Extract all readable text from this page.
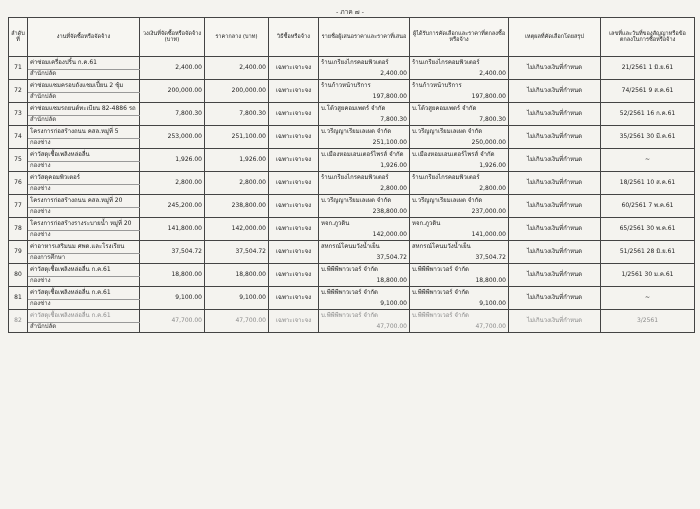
- ภาค ๗ -
ลำดับที่	งานที่จัดซื้อหรือจัดจ้าง	วงเงินที่จัดซื้อหรือจัดจ้าง (บาท)	ราคากลาง (บาท)	วิธีซื้อหรือจ้าง	รายชื่อผู้เสนอราคาและราคาที่เสนอ	ผู้ได้รับการคัดเลือกและราคาที่ตกลงซื้อหรือจ้าง	เหตุผลที่คัดเลือกโดยสรุป	เลขที่และวันที่ของสัญญาหรือข้อตกลงในการซื้อหรือจ้าง
71	ค่าซ่อมเครื่องปริ้น ก.ค.61	2,400.00	2,400.00	เฉพาะเจาะจง	ร้านเกรียงไกรคอมพิวเตอร์	ร้านเกรียงไกรคอมพิวเตอร์	ไม่เกินวงเงินที่กำหนด	21/2561 1 มิ.ย.61
	สำนักปลัด				2,400.00	2,400.00		
72	ค่าซ่อมแซมครอบถังแชมเปี้ยน 2 ชุ้ม	200,000.00	200,000.00	เฉพาะเจาะจง	ร้านก้าวหน้าบริการ	ร้านก้าวหน้าบริการ	ไม่เกินวงเงินที่กำหนด	74/2561 9 ส.ค.61
	สำนักปลัด				197,800.00	197,800.00		
73	ค่าซ่อมแซมรถยนต์ทะเบียน 82-4886 รถ	7,800.30	7,800.30	เฉพาะเจาะจง	บ.โต้วสูยคอมเพตร์ จำกัด	บ.โต้วสูยคอมเพตร์ จำกัด	ไม่เกินวงเงินที่กำหนด	52/2561 16 ก.ค.61
	สำนักปลัด				7,800.30	7,800.30		
74	โครงการก่อสร้างถนน คสล.หมู่ที่ 5	253,000.00	251,100.00	เฉพาะเจาะจง	บ.วรีญญาเรียมเลเผต จำกัด	บ.วรีญญาเรียมเลเผต จำกัด	ไม่เกินวงเงินที่กำหนด	35/2561 30 มี.ค.61
	กองช่าง				251,100.00	250,000.00		
75	ค่าวัสดุเชื้อเพลิงหล่อลื่น	1,926.00	1,926.00	เฉพาะเจาะจง	บ.เมืองหอมเอนเตอร์ไพรส์ จำกัด	บ.เมืองหอมเอนเตอร์ไพรส์ จำกัด	ไม่เกินวงเงินที่กำหนด	~
	กองช่าง				1,926.00	1,926.00		
76	ค่าวัสดุคอมพิวเตอร์	2,800.00	2,800.00	เฉพาะเจาะจง	ร้านเกรียงไกรคอมพิวเตอร์	ร้านเกรียงไกรคอมพิวเตอร์	ไม่เกินวงเงินที่กำหนด	18/2561 10 ส.ค.61
	กองช่าง				2,800.00	2,800.00		
77	โครงการก่อสร้างถนน คสล.หมู่ที่ 20	245,200.00	238,800.00	เฉพาะเจาะจง	บ.วรีญญาเรียมเลเผต จำกัด	บ.วรีญญาเรียมเลเผต จำกัด	ไม่เกินวงเงินที่กำหนด	60/2561 7 พ.ค.61
	กองช่าง				238,800.00	237,000.00		
78	โครงการก่อสร้างรางระบายน้ำ หมู่ที่ 20	141,800.00	142,000.00	เฉพาะเจาะจง	หจก.ภูวดิน	หจก.ภูวดิน	ไม่เกินวงเงินที่กำหนด	65/2561 30 พ.ค.61
	กองช่าง				142,000.00	141,000.00		
79	ค่าอาหารเสริมนม ศพด.และโรงเรียน	37,504.72	37,504.72	เฉพาะเจาะจง	สหกรณ์โคนมวังน้ำเย็น	สหกรณ์โคนมวังน้ำเย็น	ไม่เกินวงเงินที่กำหนด	51/2561 28 มิ.ย.61
	กองการศึกษา				37,504.72	37,504.72		
80	ค่าวัสดุเชื้อเพลิงหล่อลื่น ก.ค.61	18,800.00	18,800.00	เฉพาะเจาะจง	บ.พีพีพีพาวเวอร์ จำกัด	บ.พีพีพีพาวเวอร์ จำกัด	ไม่เกินวงเงินที่กำหนด	1/2561 30 ม.ค.61
	กองช่าง				18,800.00	18,800.00		
81	ค่าวัสดุเชื้อเพลิงหล่อลื่น ก.ค.61	9,100.00	9,100.00	เฉพาะเจาะจง	บ.พีพีพีพาวเวอร์ จำกัด	บ.พีพีพีพาวเวอร์ จำกัด	ไม่เกินวงเงินที่กำหนด	~
	กองช่าง				9,100.00	9,100.00		
82	ค่าวัสดุเชื้อเพลิงหล่อลื่น ก.ค.61	47,700.00	47,700.00	เฉพาะเจาะจง	บ.พีพีพีพาวเวอร์ จำกัด	บ.พีพีพีพาวเวอร์ จำกัด	ไม่เกินวงเงินที่กำหนด	3/2561
	สำนักปลัด				47,700.00	47,700.00		
